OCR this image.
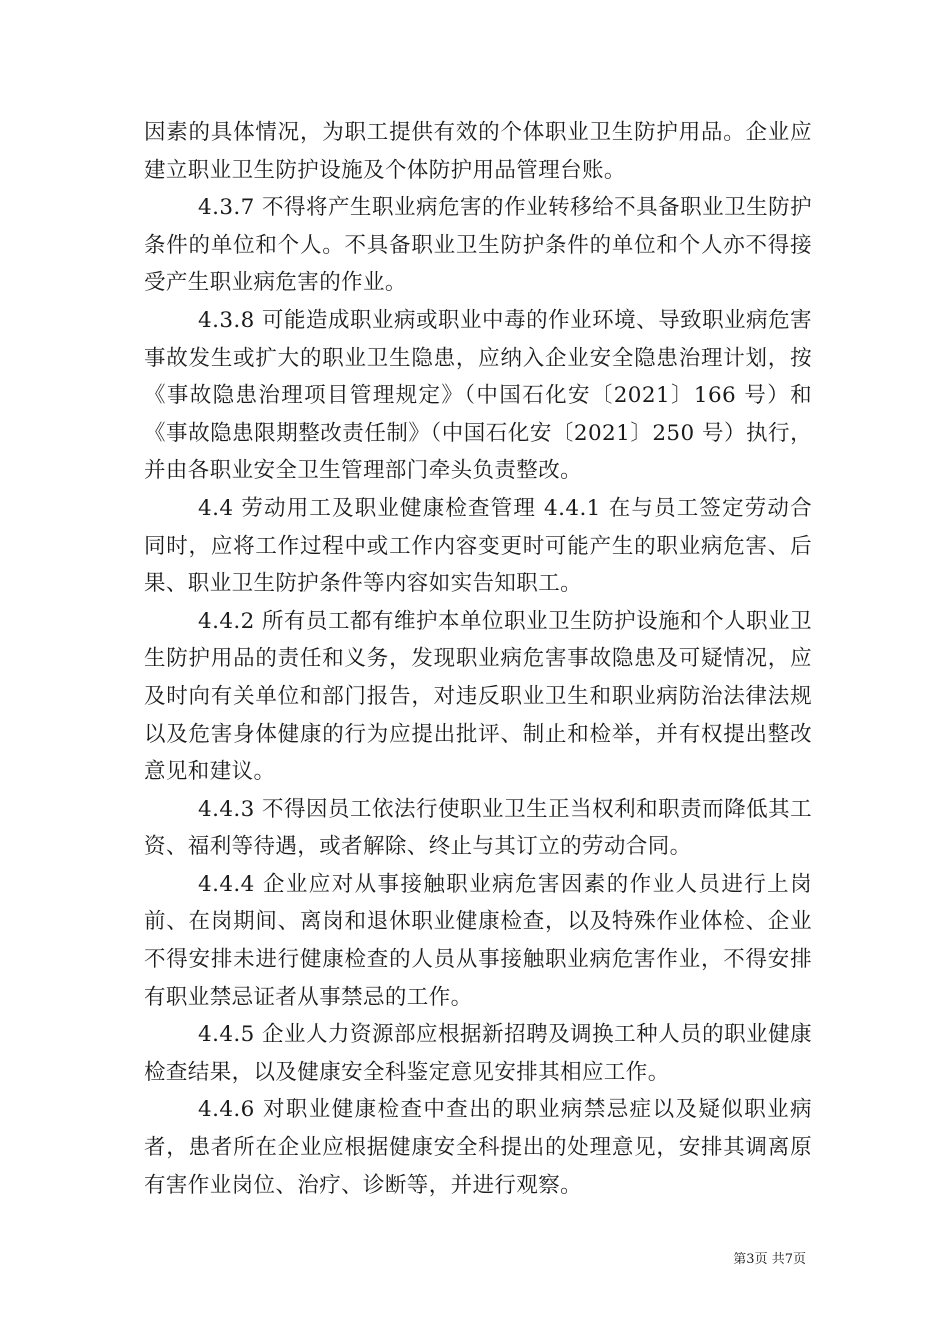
因素的具体情况，为职工提供有效的个体职业卫生防护用品。企业应建立职业卫生防护设施及个体防护用品管理台账。

4.3.7 不得将产生职业病危害的作业转移给不具备职业卫生防护条件的单位和个人。不具备职业卫生防护条件的单位和个人亦不得接受产生职业病危害的作业。

4.3.8 可能造成职业病或职业中毒的作业环境、导致职业病危害事故发生或扩大的职业卫生隐患，应纳入企业安全隐患治理计划，按《事故隐患治理项目管理规定》（中国石化安〔2021〕166 号）和《事故隐患限期整改责任制》（中国石化安〔2021〕250 号）执行，并由各职业安全卫生管理部门牵头负责整改。

4.4 劳动用工及职业健康检查管理 4.4.1 在与员工签定劳动合同时，应将工作过程中或工作内容变更时可能产生的职业病危害、后果、职业卫生防护条件等内容如实告知职工。

4.4.2 所有员工都有维护本单位职业卫生防护设施和个人职业卫生防护用品的责任和义务，发现职业病危害事故隐患及可疑情况，应及时向有关单位和部门报告，对违反职业卫生和职业病防治法律法规以及危害身体健康的行为应提出批评、制止和检举，并有权提出整改意见和建议。

4.4.3 不得因员工依法行使职业卫生正当权利和职责而降低其工资、福利等待遇，或者解除、终止与其订立的劳动合同。

4.4.4 企业应对从事接触职业病危害因素的作业人员进行上岗前、在岗期间、离岗和退休职业健康检查，以及特殊作业体检、企业不得安排未进行健康检查的人员从事接触职业病危害作业，不得安排有职业禁忌证者从事禁忌的工作。

4.4.5 企业人力资源部应根据新招聘及调换工种人员的职业健康检查结果，以及健康安全科鉴定意见安排其相应工作。

4.4.6 对职业健康检查中查出的职业病禁忌症以及疑似职业病者，患者所在企业应根据健康安全科提出的处理意见，安排其调离原有害作业岗位、治疗、诊断等，并进行观察。

第3页 共7页
